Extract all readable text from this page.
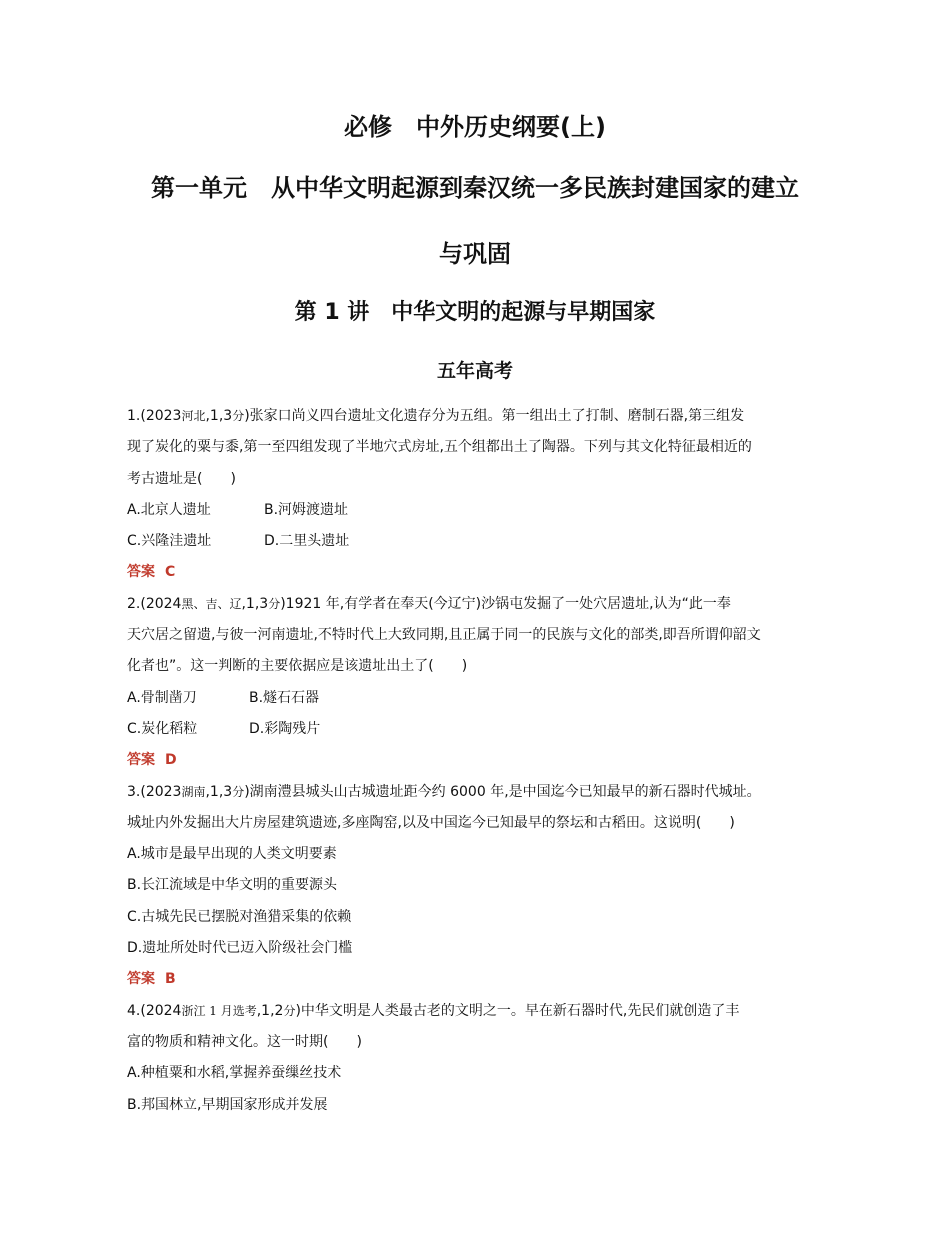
必修　中外历史纲要(上)
第一单元　从中华文明起源到秦汉统一多民族封建国家的建立
与巩固
第 1 讲　中华文明的起源与早期国家
五年高考

1.(2023河北,1,3分)张家口尚义四台遗址文化遗存分为五组。第一组出土了打制、磨制石器,第三组发

现了炭化的粟与黍,第一至四组发现了半地穴式房址,五个组都出土了陶器。下列与其文化特征最相近的

考古遗址是(　　)

A.北京人遗址	B.河姆渡遗址

C.兴隆洼遗址	D.二里头遗址

答案 C

2.(2024黑、吉、辽,1,3分)1921 年,有学者在奉天(今辽宁)沙锅屯发掘了一处穴居遗址,认为“此一奉

天穴居之留遗,与彼一河南遗址,不特时代上大致同期,且正属于同一的民族与文化的部类,即吾所谓仰韶文

化者也”。这一判断的主要依据应是该遗址出土了(　　)

A.骨制凿刀	B.燧石石器

C.炭化稻粒	D.彩陶残片

答案 D

3.(2023湖南,1,3分)湖南澧县城头山古城遗址距今约 6000 年,是中国迄今已知最早的新石器时代城址。

城址内外发掘出大片房屋建筑遗迹,多座陶窑,以及中国迄今已知最早的祭坛和古稻田。这说明(　　)

A.城市是最早出现的人类文明要素

B.长江流域是中华文明的重要源头

C.古城先民已摆脱对渔猎采集的依赖

D.遗址所处时代已迈入阶级社会门槛

答案 B

4.(2024浙江 1 月选考,1,2分)中华文明是人类最古老的文明之一。早在新石器时代,先民们就创造了丰

富的物质和精神文化。这一时期(　　)

A.种植粟和水稻,掌握养蚕缫丝技术

B.邦国林立,早期国家形成并发展
